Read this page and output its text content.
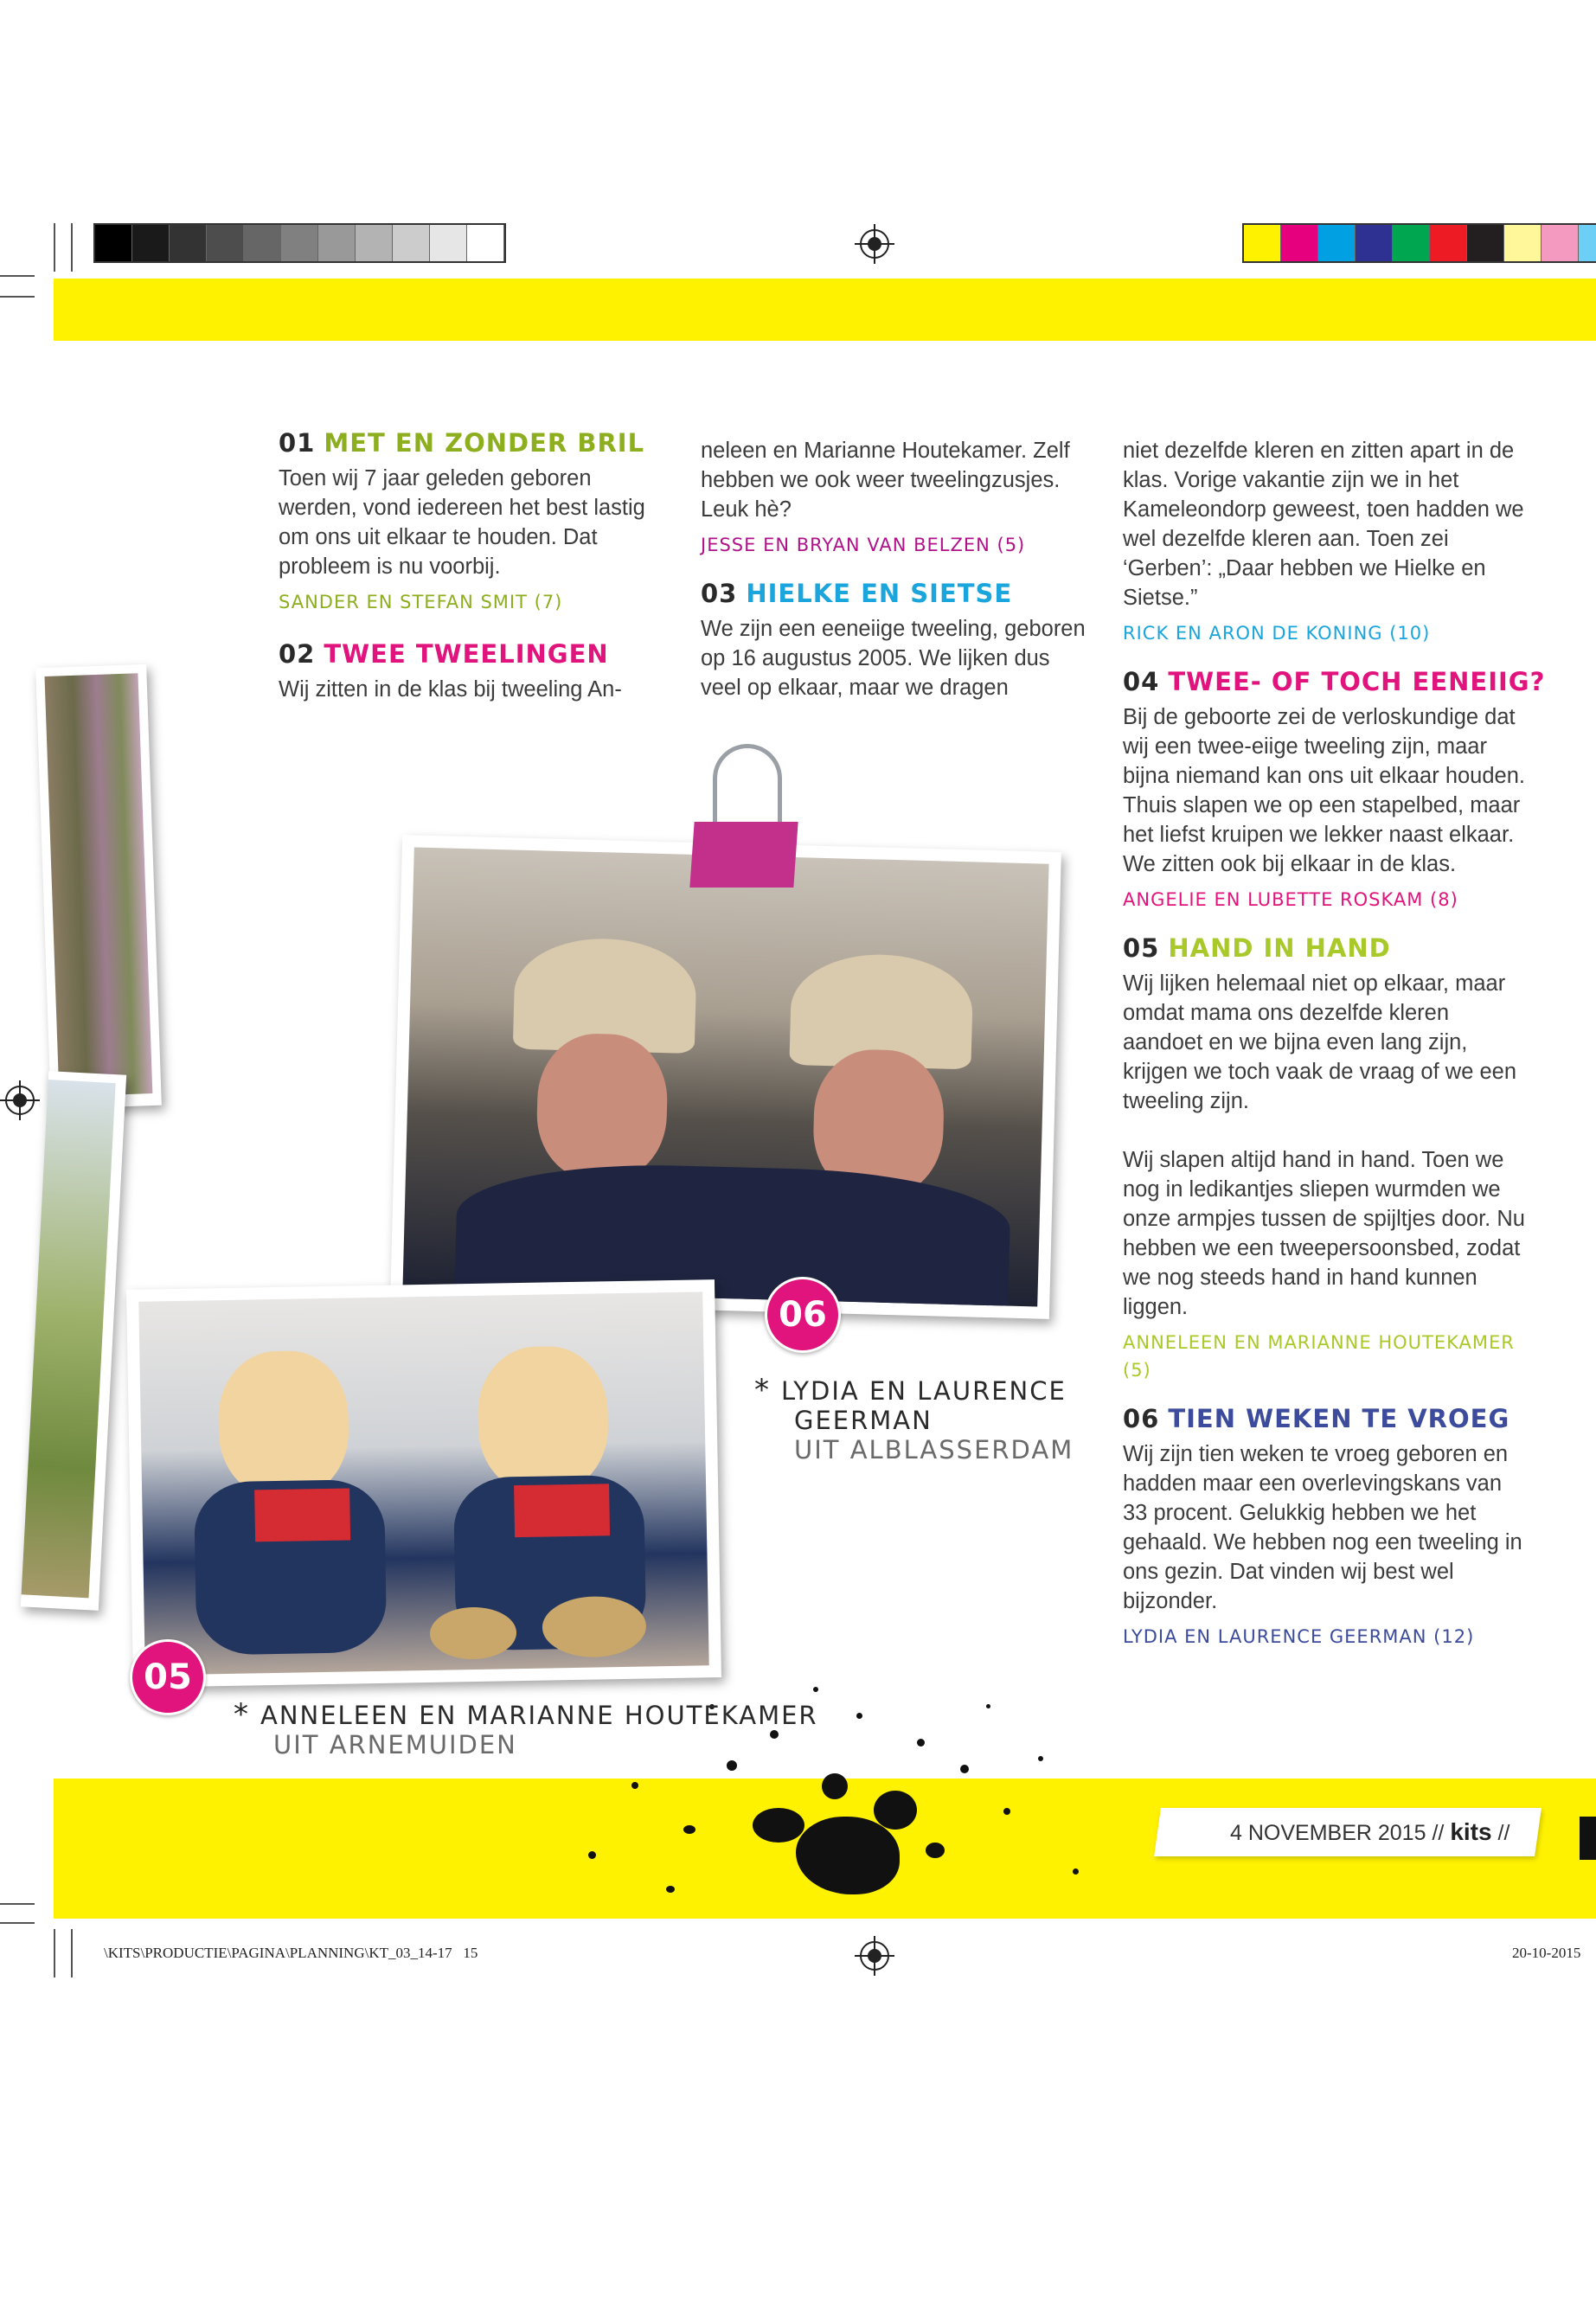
06
05
* LYDIA EN LAURENCE
GEERMAN
UIT ALBLASSERDAM
* ANNELEEN EN MARIANNE HOUTEKAMER
UIT ARNEMUIDEN
01 MET EN ZONDER BRIL

Toen wij 7 jaar geleden geboren werden, vond iedereen het best lastig om ons uit elkaar te houden. Dat probleem is nu voorbij.

SANDER EN STEFAN SMIT (7)

02 TWEE TWEELINGEN

Wij zitten in de klas bij tweeling An-

neleen en Marianne Houtekamer. Zelf hebben we ook weer tweelingzusjes. Leuk hè?

JESSE EN BRYAN VAN BELZEN (5)

03 HIELKE EN SIETSE

We zijn een eeneiige tweeling, geboren op 16 augustus 2005. We lijken dus veel op elkaar, maar we dragen

niet dezelfde kleren en zitten apart in de klas. Vorige vakantie zijn we in het Kameleondorp geweest, toen hadden we wel dezelfde kleren aan. Toen zei ‘Gerben’: „Daar hebben we Hielke en Sietse.”

RICK EN ARON DE KONING (10)

04 TWEE- OF TOCH EENEIIG?

Bij de geboorte zei de verloskundige dat wij een twee-eiige tweeling zijn, maar bijna niemand kan ons uit elkaar houden. Thuis slapen we op een stapelbed, maar het liefst kruipen we lekker naast elkaar. We zitten ook bij elkaar in de klas.

ANGELIE EN LUBETTE ROSKAM (8)

05 HAND IN HAND

Wij lijken helemaal niet op elkaar, maar omdat mama ons dezelfde kleren aandoet en we bijna even lang zijn, krijgen we toch vaak de vraag of we een tweeling zijn.

Wij slapen altijd hand in hand. Toen we nog in ledikantjes sliepen wurmden we onze armpjes tussen de spijltjes door. Nu hebben we een tweepersoonsbed, zodat we nog steeds hand in hand kunnen liggen.

ANNELEEN EN MARIANNE HOUTEKAMER (5)

06 TIEN WEKEN TE VROEG

Wij zijn tien weken te vroeg geboren en hadden maar een overlevingskans van 33 procent. Gelukkig hebben we het gehaald. We hebben nog een tweeling in ons gezin. Dat vinden wij best wel bijzonder.

LYDIA EN LAURENCE GEERMAN (12)

4 NOVEMBER 2015 // kits //
\KITS\PRODUCTIE\PAGINA\PLANNING\KT_03_14-17   15	20-10-2015
